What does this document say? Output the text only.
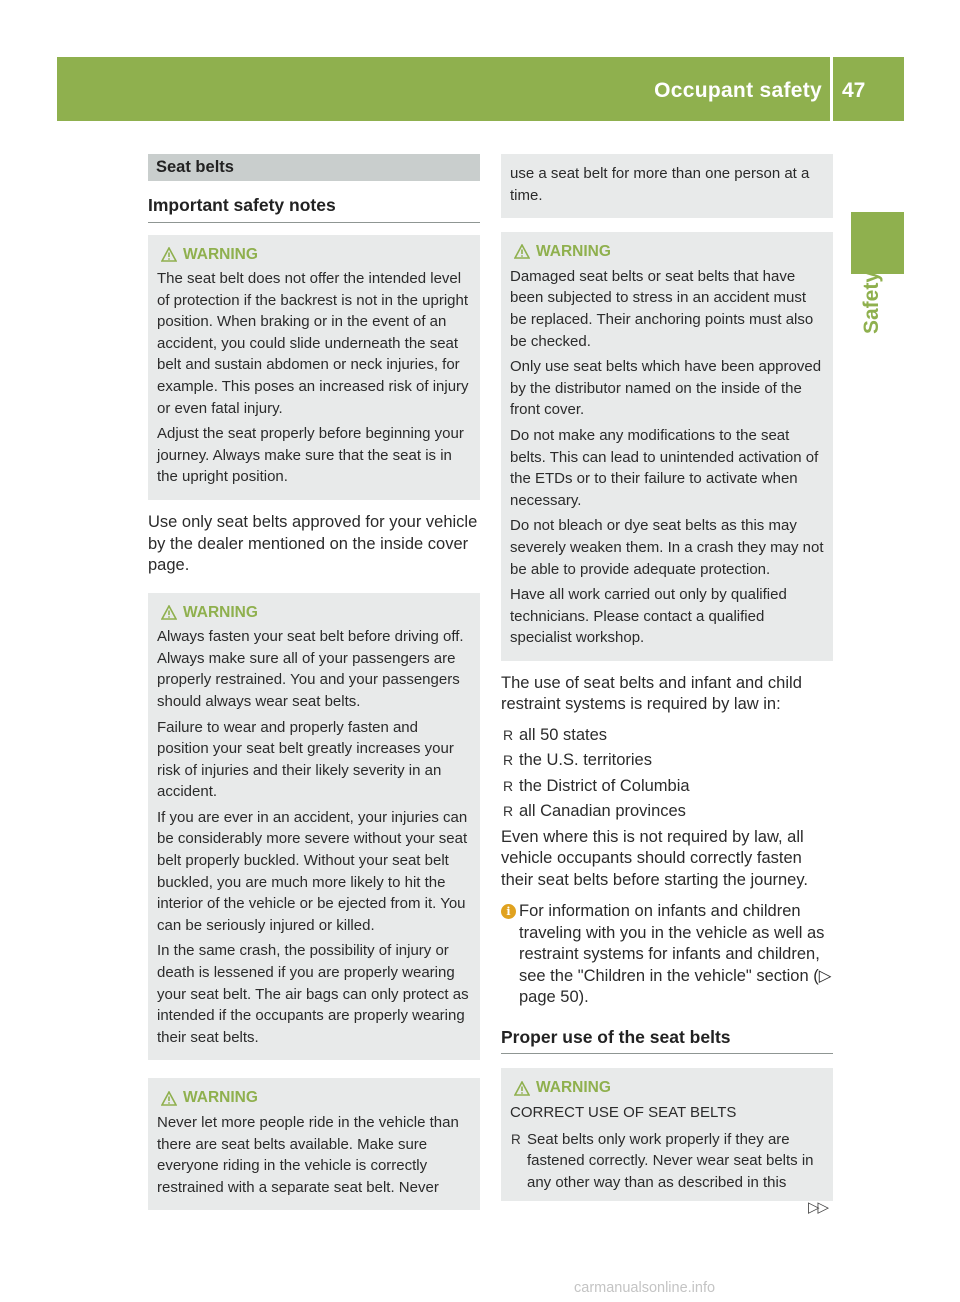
Occupant safety 47
Safety
Seat belts
Important safety notes
WARNING

The seat belt does not offer the intended level of protection if the backrest is not in the upright position. When braking or in the event of an accident, you could slide underneath the seat belt and sustain abdomen or neck injuries, for example. This poses an increased risk of injury or even fatal injury.

Adjust the seat properly before beginning your journey. Always make sure that the seat is in the upright position.

Use only seat belts approved for your vehicle by the dealer mentioned on the inside cover page.

WARNING

Always fasten your seat belt before driving off. Always make sure all of your passengers are properly restrained. You and your passengers should always wear seat belts.

Failure to wear and properly fasten and position your seat belt greatly increases your risk of injuries and their likely severity in an accident.

If you are ever in an accident, your injuries can be considerably more severe without your seat belt properly buckled. Without your seat belt buckled, you are much more likely to hit the interior of the vehicle or be ejected from it. You can be seriously injured or killed.

In the same crash, the possibility of injury or death is lessened if you are properly wearing your seat belt. The air bags can only protect as intended if the occupants are properly wearing their seat belts.

WARNING

Never let more people ride in the vehicle than there are seat belts available. Make sure everyone riding in the vehicle is correctly restrained with a separate seat belt. Never

use a seat belt for more than one person at a time.

WARNING

Damaged seat belts or seat belts that have been subjected to stress in an accident must be replaced. Their anchoring points must also be checked.

Only use seat belts which have been approved by the distributor named on the inside of the front cover.

Do not make any modifications to the seat belts. This can lead to unintended activation of the ETDs or to their failure to activate when necessary.

Do not bleach or dye seat belts as this may severely weaken them. In a crash they may not be able to provide adequate protection.

Have all work carried out only by qualified technicians. Please contact a qualified specialist workshop.

The use of seat belts and infant and child restraint systems is required by law in:

R all 50 states
R the U.S. territories
R the District of Columbia
R all Canadian provinces

Even where this is not required by law, all vehicle occupants should correctly fasten their seat belts before starting the journey.

i For information on infants and children traveling with you in the vehicle as well as restraint systems for infants and children, see the "Children in the vehicle" section (▷ page 50).
Proper use of the seat belts
WARNING

CORRECT USE OF SEAT BELTS

R Seat belts only work properly if they are fastened correctly. Never wear seat belts in any other way than as described in this
▷▷
carmanualsonline.info
